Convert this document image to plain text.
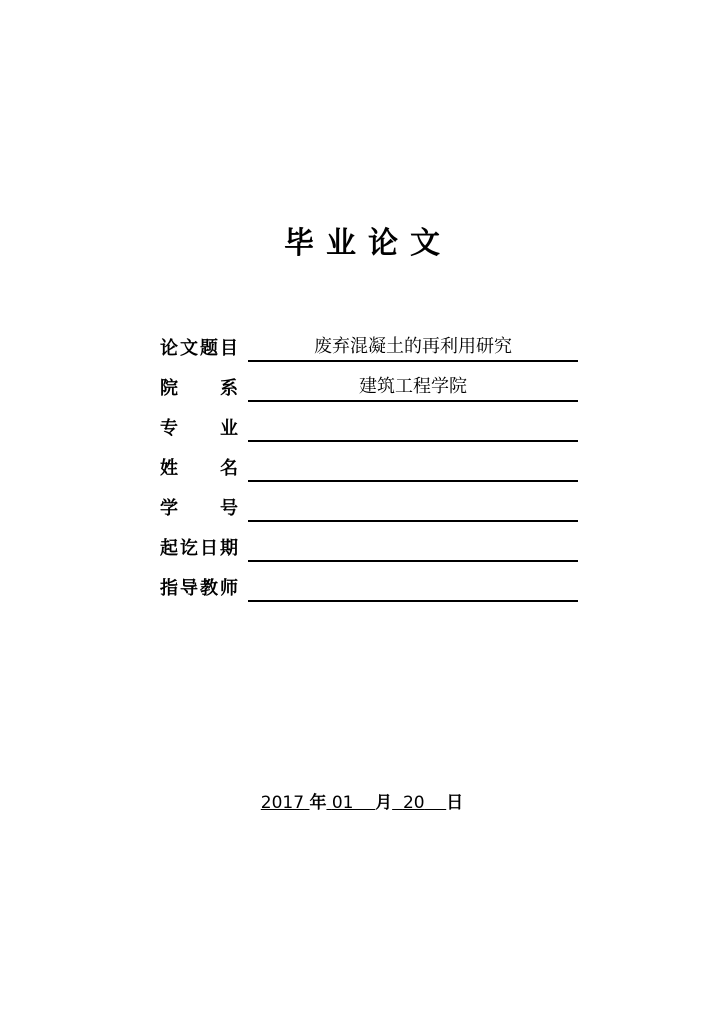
毕业论文
论 文 题 目	废弃混凝土的再利用研究
院 系	建筑工程学院
专 业
姓 名
学 号
起 讫 日 期
指 导 教 师
2017 年 01 月 20 日
